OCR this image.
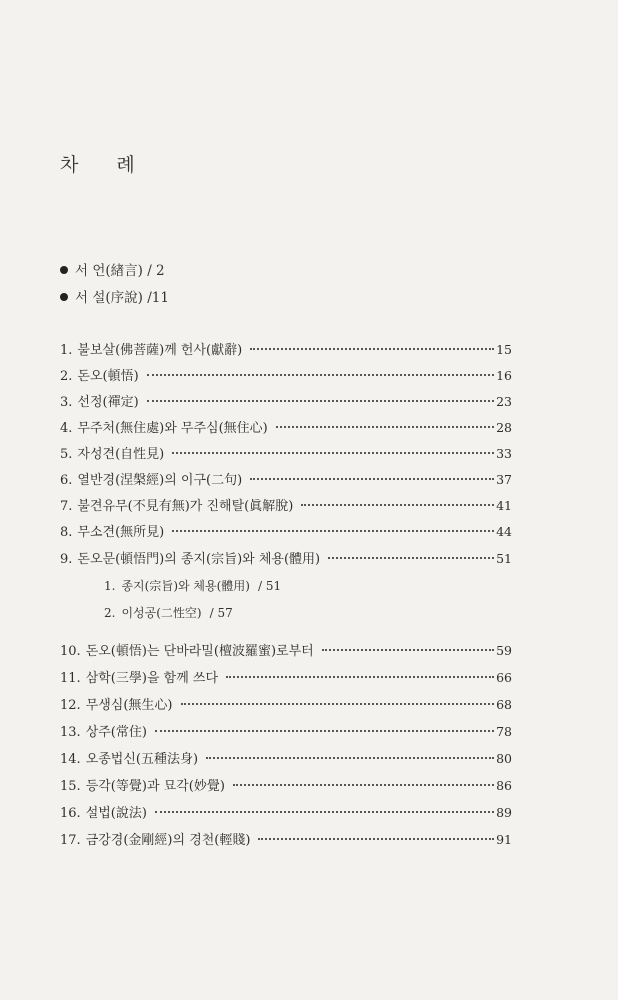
차 례
서 언(緖言) / 2
서 설(序說) /11
1. 불보살(佛菩薩)께 헌사(獻辭)	15
2. 돈오(頓悟)	16
3. 선정(禪定)	23
4. 무주처(無住處)와 무주심(無住心)	28
5. 자성견(自性見)	33
6. 열반경(涅槃經)의 이구(二句)	37
7. 불견유무(不見有無)가 진해탈(眞解脫)	41
8. 무소견(無所見)	44
9. 돈오문(頓悟門)의 종지(宗旨)와 체용(體用)	51
1. 종지(宗旨)와 체용(體用) / 51
2. 이성공(二性空) / 57
10. 돈오(頓悟)는 단바라밀(檀波羅蜜)로부터	59
11. 삼학(三學)을 함께 쓰다	66
12. 무생심(無生心)	68
13. 상주(常住)	78
14. 오종법신(五種法身)	80
15. 등각(等覺)과 묘각(妙覺)	86
16. 설법(說法)	89
17. 금강경(金剛經)의 경천(輕賤)	91
